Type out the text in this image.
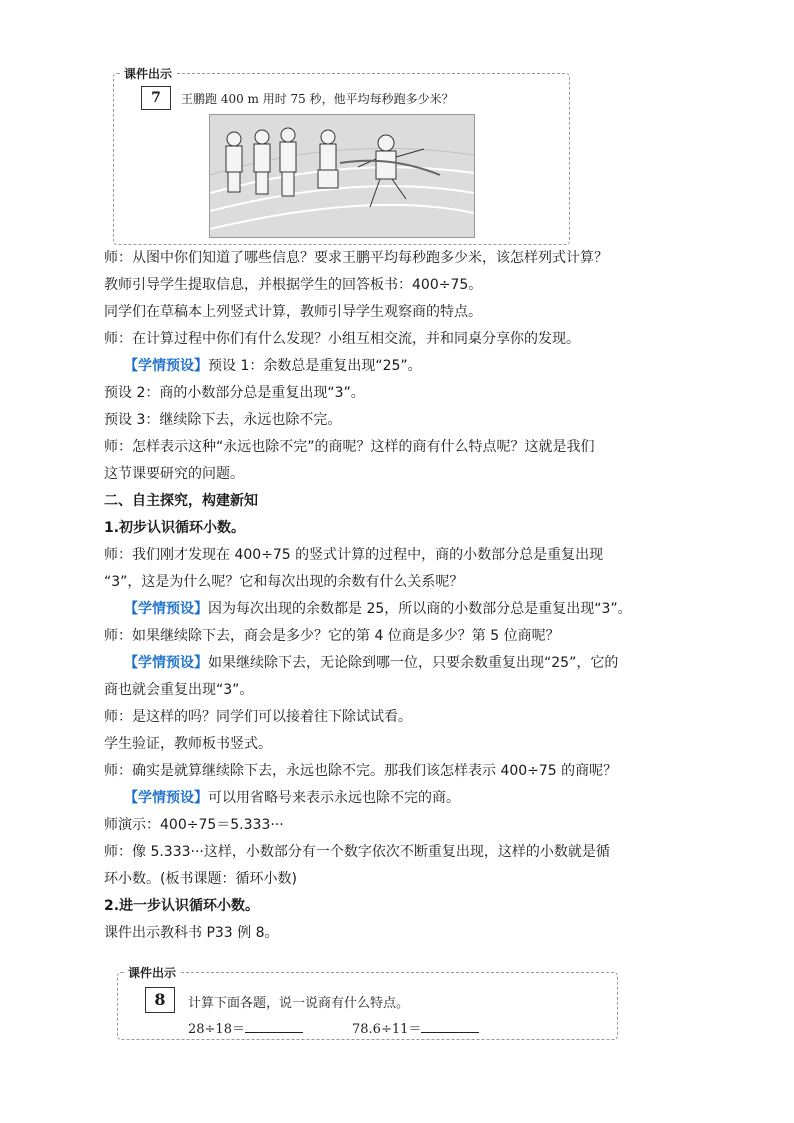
课件出示
7	王鹏跑 400 m 用时 75 秒，他平均每秒跑多少米？
师：从图中你们知道了哪些信息？要求王鹏平均每秒跑多少米，该怎样列式计算？
教师引导学生提取信息，并根据学生的回答板书：400÷75。
同学们在草稿本上列竖式计算，教师引导学生观察商的特点。
师：在计算过程中你们有什么发现？小组互相交流，并和同桌分享你的发现。
【学情预设】预设 1：余数总是重复出现“25”。
预设 2：商的小数部分总是重复出现“3”。
预设 3：继续除下去，永远也除不完。
师：怎样表示这种“永远也除不完”的商呢？这样的商有什么特点呢？这就是我们
这节课要研究的问题。
二、自主探究，构建新知
1.初步认识循环小数。
师：我们刚才发现在 400÷75 的竖式计算的过程中，商的小数部分总是重复出现
“3”，这是为什么呢？它和每次出现的余数有什么关系呢？
【学情预设】因为每次出现的余数都是 25，所以商的小数部分总是重复出现“3”。
师：如果继续除下去，商会是多少？它的第 4 位商是多少？第 5 位商呢？
【学情预设】如果继续除下去，无论除到哪一位，只要余数重复出现“25”，它的
商也就会重复出现“3”。
师：是这样的吗？同学们可以接着往下除试试看。
学生验证，教师板书竖式。
师：确实是就算继续除下去，永远也除不完。那我们该怎样表示 400÷75 的商呢？
【学情预设】可以用省略号来表示永远也除不完的商。
师演示：400÷75＝5.333···
师：像 5.333···这样，小数部分有一个数字依次不断重复出现，这样的小数就是循
环小数。(板书课题：循环小数)
2.进一步认识循环小数。
课件出示教科书 P33 例 8。
课件出示
8	计算下面各题，说一说商有什么特点。
28÷18＝	78.6÷11＝
